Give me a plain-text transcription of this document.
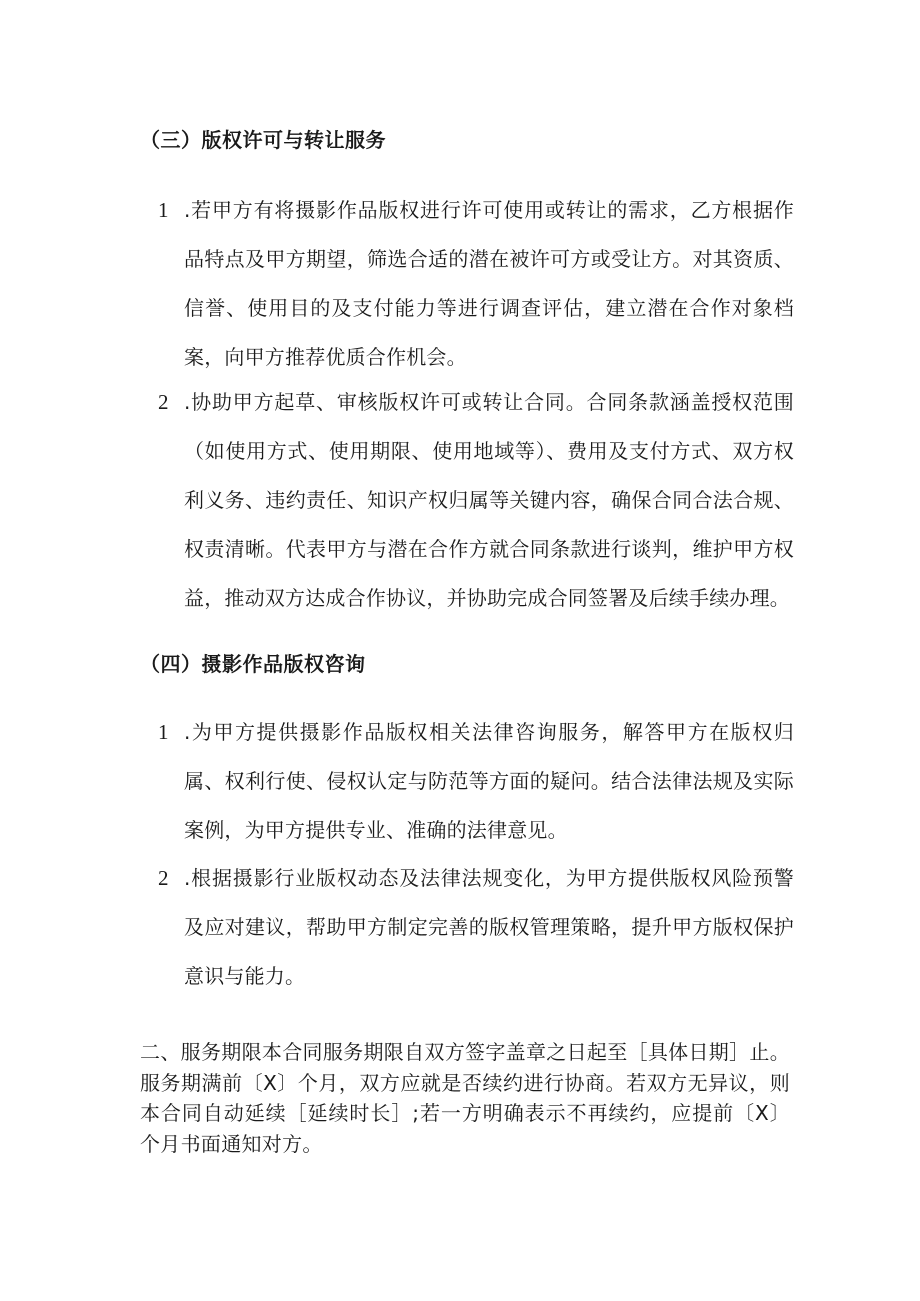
（三）版权许可与转让服务
1 .若甲方有将摄影作品版权进行许可使用或转让的需求，乙方根据作品特点及甲方期望，筛选合适的潜在被许可方或受让方。对其资质、信誉、使用目的及支付能力等进行调查评估，建立潜在合作对象档案，向甲方推荐优质合作机会。
2 .协助甲方起草、审核版权许可或转让合同。合同条款涵盖授权范围（如使用方式、使用期限、使用地域等）、费用及支付方式、双方权利义务、违约责任、知识产权归属等关键内容，确保合同合法合规、权责清晰。代表甲方与潜在合作方就合同条款进行谈判，维护甲方权益，推动双方达成合作协议，并协助完成合同签署及后续手续办理。
（四）摄影作品版权咨询
1 .为甲方提供摄影作品版权相关法律咨询服务，解答甲方在版权归属、权利行使、侵权认定与防范等方面的疑问。结合法律法规及实际案例，为甲方提供专业、准确的法律意见。
2 .根据摄影行业版权动态及法律法规变化，为甲方提供版权风险预警及应对建议，帮助甲方制定完善的版权管理策略，提升甲方版权保护意识与能力。
二、服务期限本合同服务期限自双方签字盖章之日起至［具体日期］止。服务期满前〔X〕个月，双方应就是否续约进行协商。若双方无异议，则本合同自动延续［延续时长］;若一方明确表示不再续约，应提前〔X〕个月书面通知对方。
